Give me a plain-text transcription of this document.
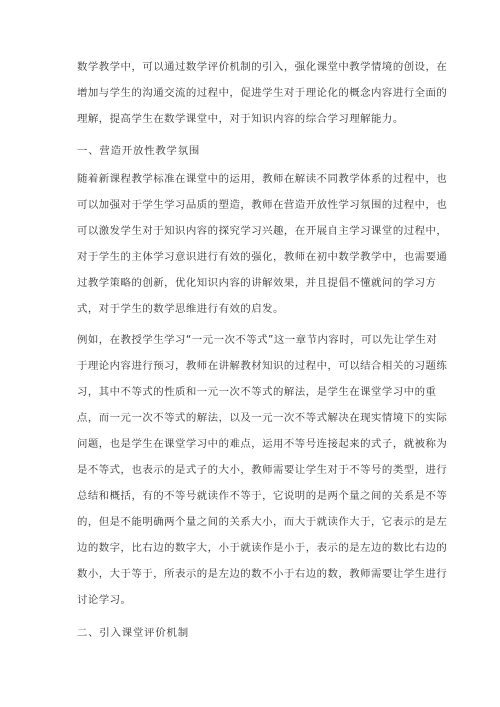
数学教学中，可以通过数学评价机制的引入，强化课堂中教学情境的创设，在
增加与学生的沟通交流的过程中，促进学生对于理论化的概念内容进行全面的
理解，提高学生在数学课堂中，对于知识内容的综合学习理解能力。
一、营造开放性教学氛围
随着新课程教学标准在课堂中的运用，教师在解读不同教学体系的过程中，也
可以加强对于学生学习品质的塑造，教师在营造开放性学习氛围的过程中，也
可以激发学生对于知识内容的探究学习兴趣，在开展自主学习课堂的过程中，
对于学生的主体学习意识进行有效的强化，教师在初中数学教学中，也需要通
过教学策略的创新，优化知识内容的讲解效果，并且提倡不懂就问的学习方
式，对于学生的数学思维进行有效的启发。
例如，在教授学生学习“一元一次不等式”这一章节内容时，可以先让学生对
于理论内容进行预习，教师在讲解教材知识的过程中，可以结合相关的习题练
习，其中不等式的性质和一元一次不等式的解法，是学生在课堂学习中的重
点，而一元一次不等式的解法，以及一元一次不等式解决在现实情境下的实际
问题，也是学生在课堂学习中的难点，运用不等号连接起来的式子，就被称为
是不等式，也表示的是式子的大小，教师需要让学生对于不等号的类型，进行
总结和概括，有的不等号就读作不等于，它说明的是两个量之间的关系是不等
的，但是不能明确两个量之间的关系大小，而大于就读作大于，它表示的是左
边的数字，比右边的数字大，小于就读作是小于，表示的是左边的数比右边的
数小，大于等于，所表示的是左边的数不小于右边的数，教师需要让学生进行
讨论学习。
二、引入课堂评价机制
